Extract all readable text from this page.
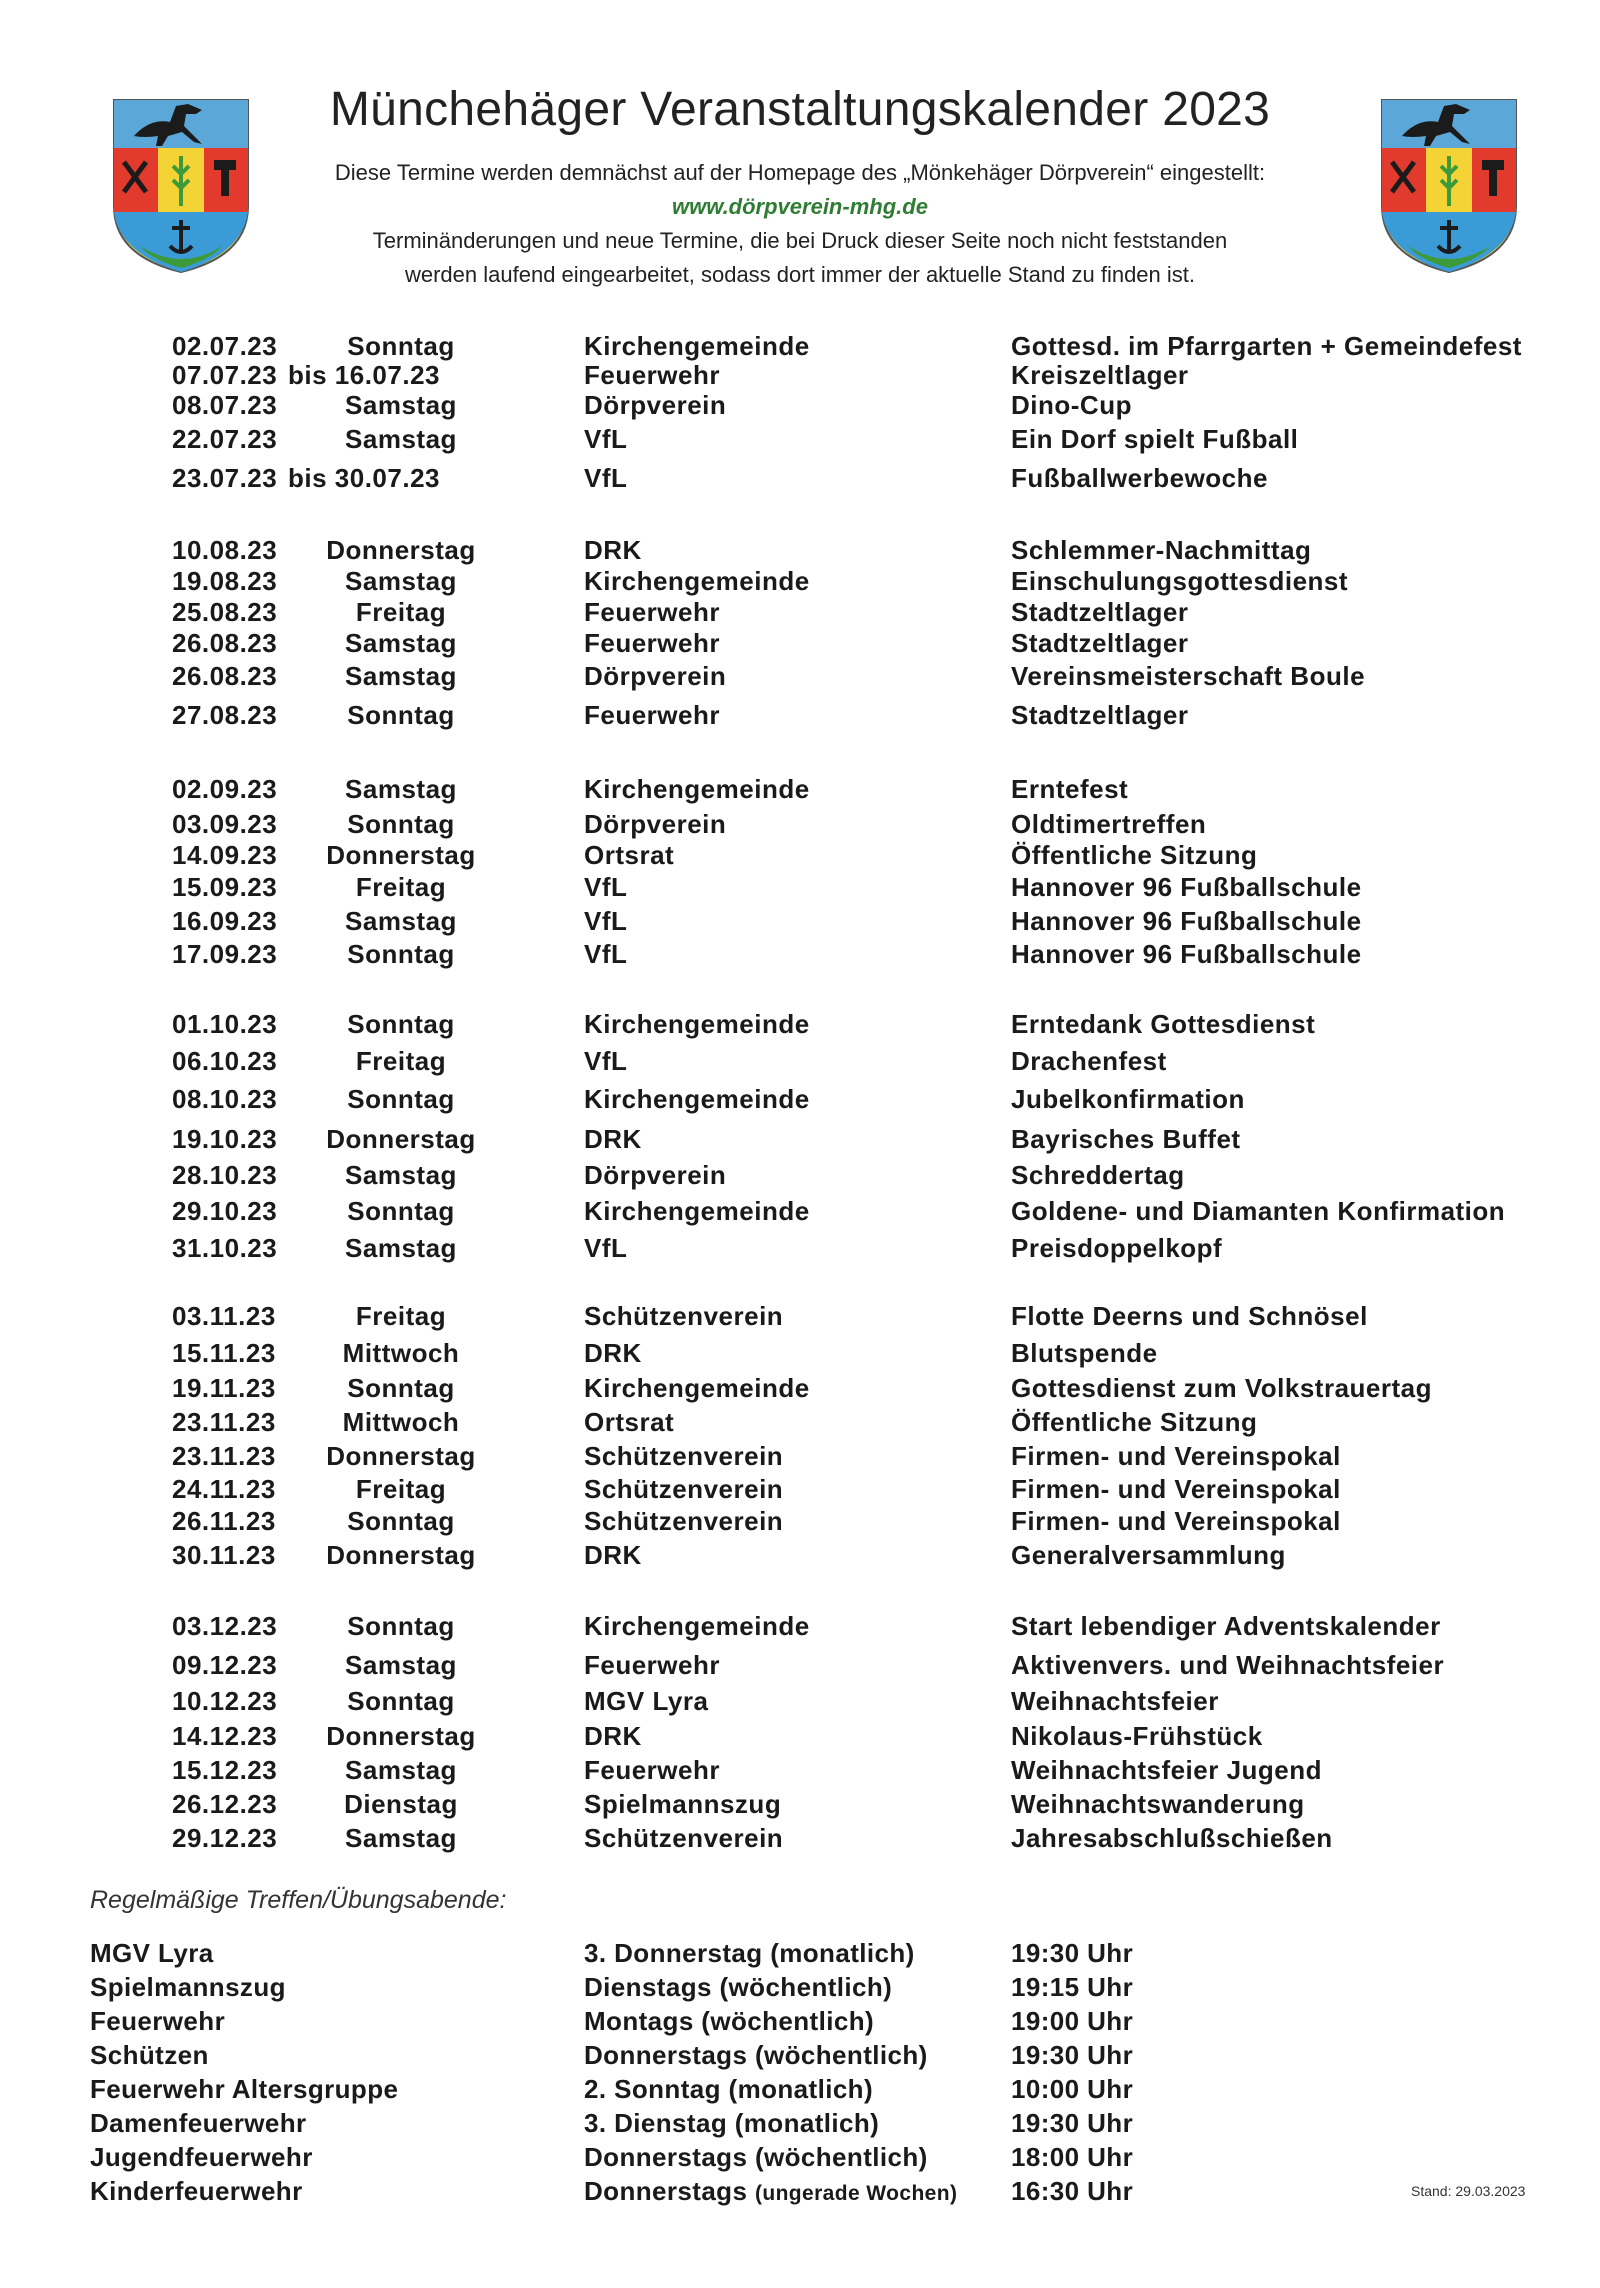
Münchehäger Veranstaltungskalender 2023
Diese Termine werden demnächst auf der Homepage des „Mönkehäger Dörpverein“ eingestellt:
www.dörpverein-mhg.de
Terminänderungen und neue Termine, die bei Druck dieser Seite noch nicht feststanden
werden laufend eingearbeitet, sodass dort immer der aktuelle Stand zu finden ist.
02.07.23	Sonntag	Kirchengemeinde	Gottesd. im Pfarrgarten + Gemeindefest
07.07.23 bis 16.07.23	Feuerwehr	Kreiszeltlager
08.07.23	Samstag	Dörpverein	Dino-Cup
22.07.23	Samstag	VfL	Ein Dorf spielt Fußball
23.07.23 bis 30.07.23	VfL	Fußballwerbewoche
10.08.23	Donnerstag	DRK	Schlemmer-Nachmittag
19.08.23	Samstag	Kirchengemeinde	Einschulungsgottesdienst
25.08.23	Freitag	Feuerwehr	Stadtzeltlager
26.08.23	Samstag	Feuerwehr	Stadtzeltlager
26.08.23	Samstag	Dörpverein	Vereinsmeisterschaft Boule
27.08.23	Sonntag	Feuerwehr	Stadtzeltlager
02.09.23	Samstag	Kirchengemeinde	Erntefest
03.09.23	Sonntag	Dörpverein	Oldtimertreffen
14.09.23	Donnerstag	Ortsrat	Öffentliche Sitzung
15.09.23	Freitag	VfL	Hannover 96 Fußballschule
16.09.23	Samstag	VfL	Hannover 96 Fußballschule
17.09.23	Sonntag	VfL	Hannover 96 Fußballschule
01.10.23	Sonntag	Kirchengemeinde	Erntedank Gottesdienst
06.10.23	Freitag	VfL	Drachenfest
08.10.23	Sonntag	Kirchengemeinde	Jubelkonfirmation
19.10.23	Donnerstag	DRK	Bayrisches Buffet
28.10.23	Samstag	Dörpverein	Schreddertag
29.10.23	Sonntag	Kirchengemeinde	Goldene- und Diamanten Konfirmation
31.10.23	Samstag	VfL	Preisdoppelkopf
03.11.23	Freitag	Schützenverein	Flotte Deerns und Schnösel
15.11.23	Mittwoch	DRK	Blutspende
19.11.23	Sonntag	Kirchengemeinde	Gottesdienst zum Volkstrauertag
23.11.23	Mittwoch	Ortsrat	Öffentliche Sitzung
23.11.23	Donnerstag	Schützenverein	Firmen- und Vereinspokal
24.11.23	Freitag	Schützenverein	Firmen- und Vereinspokal
26.11.23	Sonntag	Schützenverein	Firmen- und Vereinspokal
30.11.23	Donnerstag	DRK	Generalversammlung
03.12.23	Sonntag	Kirchengemeinde	Start lebendiger Adventskalender
09.12.23	Samstag	Feuerwehr	Aktivenvers. und Weihnachtsfeier
10.12.23	Sonntag	MGV Lyra	Weihnachtsfeier
14.12.23	Donnerstag	DRK	Nikolaus-Frühstück
15.12.23	Samstag	Feuerwehr	Weihnachtsfeier Jugend
26.12.23	Dienstag	Spielmannszug	Weihnachtswanderung
29.12.23	Samstag	Schützenverein	Jahresabschlußschießen
Regelmäßige Treffen/Übungsabende:
MGV Lyra	3. Donnerstag (monatlich)	19:30 Uhr
Spielmannszug	Dienstags (wöchentlich)	19:15 Uhr
Feuerwehr	Montags (wöchentlich)	19:00 Uhr
Schützen	Donnerstags (wöchentlich)	19:30 Uhr
Feuerwehr Altersgruppe	2. Sonntag (monatlich)	10:00 Uhr
Damenfeuerwehr	3. Dienstag (monatlich)	19:30 Uhr
Jugendfeuerwehr	Donnerstags (wöchentlich)	18:00 Uhr
Kinderfeuerwehr	Donnerstags (ungerade Wochen) 16:30 Uhr	Stand: 29.03.2023
